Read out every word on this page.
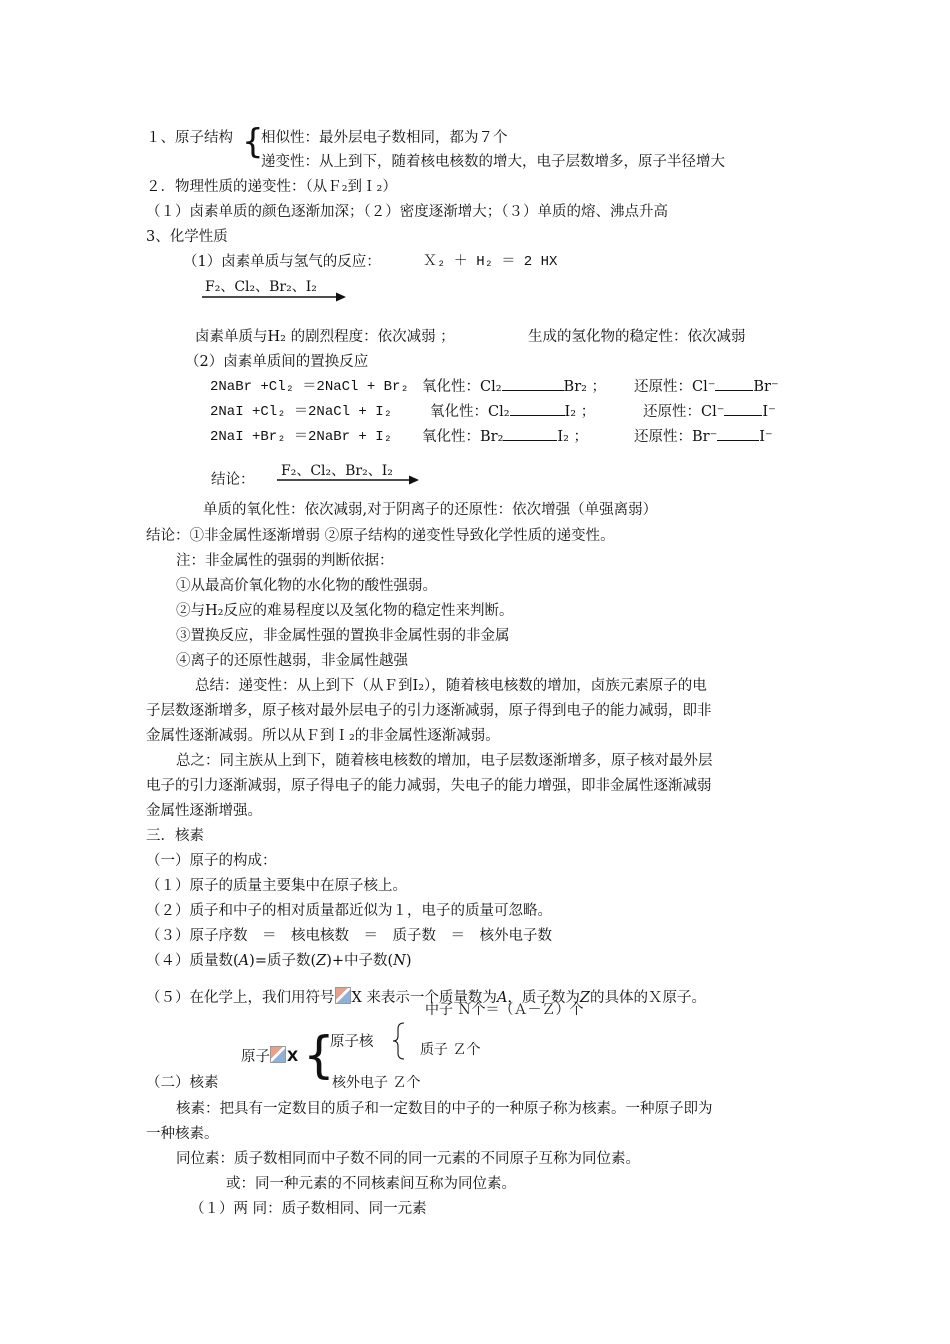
１、原子结构 {
相似性：最外层电子数相同，都为７个
递变性：从上到下，随着核电核数的增大，电子层数增多，原子半径增大
２．物理性质的递变性：（从Ｆ₂到Ｉ₂）
（１）卤素单质的颜色逐渐加深；（２）密度逐渐增大；（３）单质的熔、沸点升高
3、化学性质
（1）卤素单质与氢气的反应：	Ｘ₂ ＋ H₂ ＝ 2 HX
F₂、Cl₂、Br₂、I₂
卤素单质与H₂ 的剧烈程度：依次减弱 ；	生成的氢化物的稳定性：依次减弱
（2）卤素单质间的置换反应
2NaBr +Cl₂ ＝2NaCl + Br₂ 氧化性：Cl₂	Br₂ ； 还原性：Cl⁻	Br⁻
2NaI +Cl₂ ＝2NaCl + I₂	氧化性：Cl₂	I₂ ；	还原性：Cl⁻	I⁻
2NaI +Br₂ ＝2NaBr + I₂ 氧化性：Br₂	I₂ ；	还原性：Br⁻	I⁻
结论：
F₂、Cl₂、Br₂、I₂
单质的氧化性：依次减弱,对于阴离子的还原性：依次增强（单强离弱）
结论：①非金属性逐渐增弱 ②原子结构的递变性导致化学性质的递变性。
注：非金属性的强弱的判断依据：
①从最高价氧化物的水化物的酸性强弱。
②与H₂反应的难易程度以及氢化物的稳定性来判断。
③置换反应，非金属性强的置换非金属性弱的非金属
④离子的还原性越弱，非金属性越强
总结：递变性：从上到下（从Ｆ到I₂），随着核电核数的增加，卤族元素原子的电
子层数逐渐增多，原子核对最外层电子的引力逐渐减弱，原子得到电子的能力减弱，即非
金属性逐渐减弱。所以从Ｆ到Ｉ₂的非金属性逐渐减弱。
总之：同主族从上到下，随着核电核数的增加，电子层数逐渐增多，原子核对最外层
电子的引力逐渐减弱，原子得电子的能力减弱，失电子的能力增强，即非金属性逐渐减弱
金属性逐渐增强。
三．核素
（一）原子的构成：
（１）原子的质量主要集中在原子核上。
（２）质子和中子的相对质量都近似为１，电子的质量可忽略。
（３）原子序数　＝　核电核数　＝　质子数　＝　核外电子数
（４）质量数(A)=质子数(Z)+中子数(N)
（５）在化学上，我们用符号 X 来表示一个质量数为A，质子数为Z的具体的Ｘ原子。
中子 Ｎ个＝（Ａ－Ｚ）个
原子 X {
原子核	质子 Ｚ个
核外电子 Ｚ个
（二）核素
核素：把具有一定数目的质子和一定数目的中子的一种原子称为核素。一种原子即为
一种核素。
同位素：质子数相同而中子数不同的同一元素的不同原子互称为同位素。
或：同一种元素的不同核素间互称为同位素。
（１）两 同：质子数相同、同一元素
